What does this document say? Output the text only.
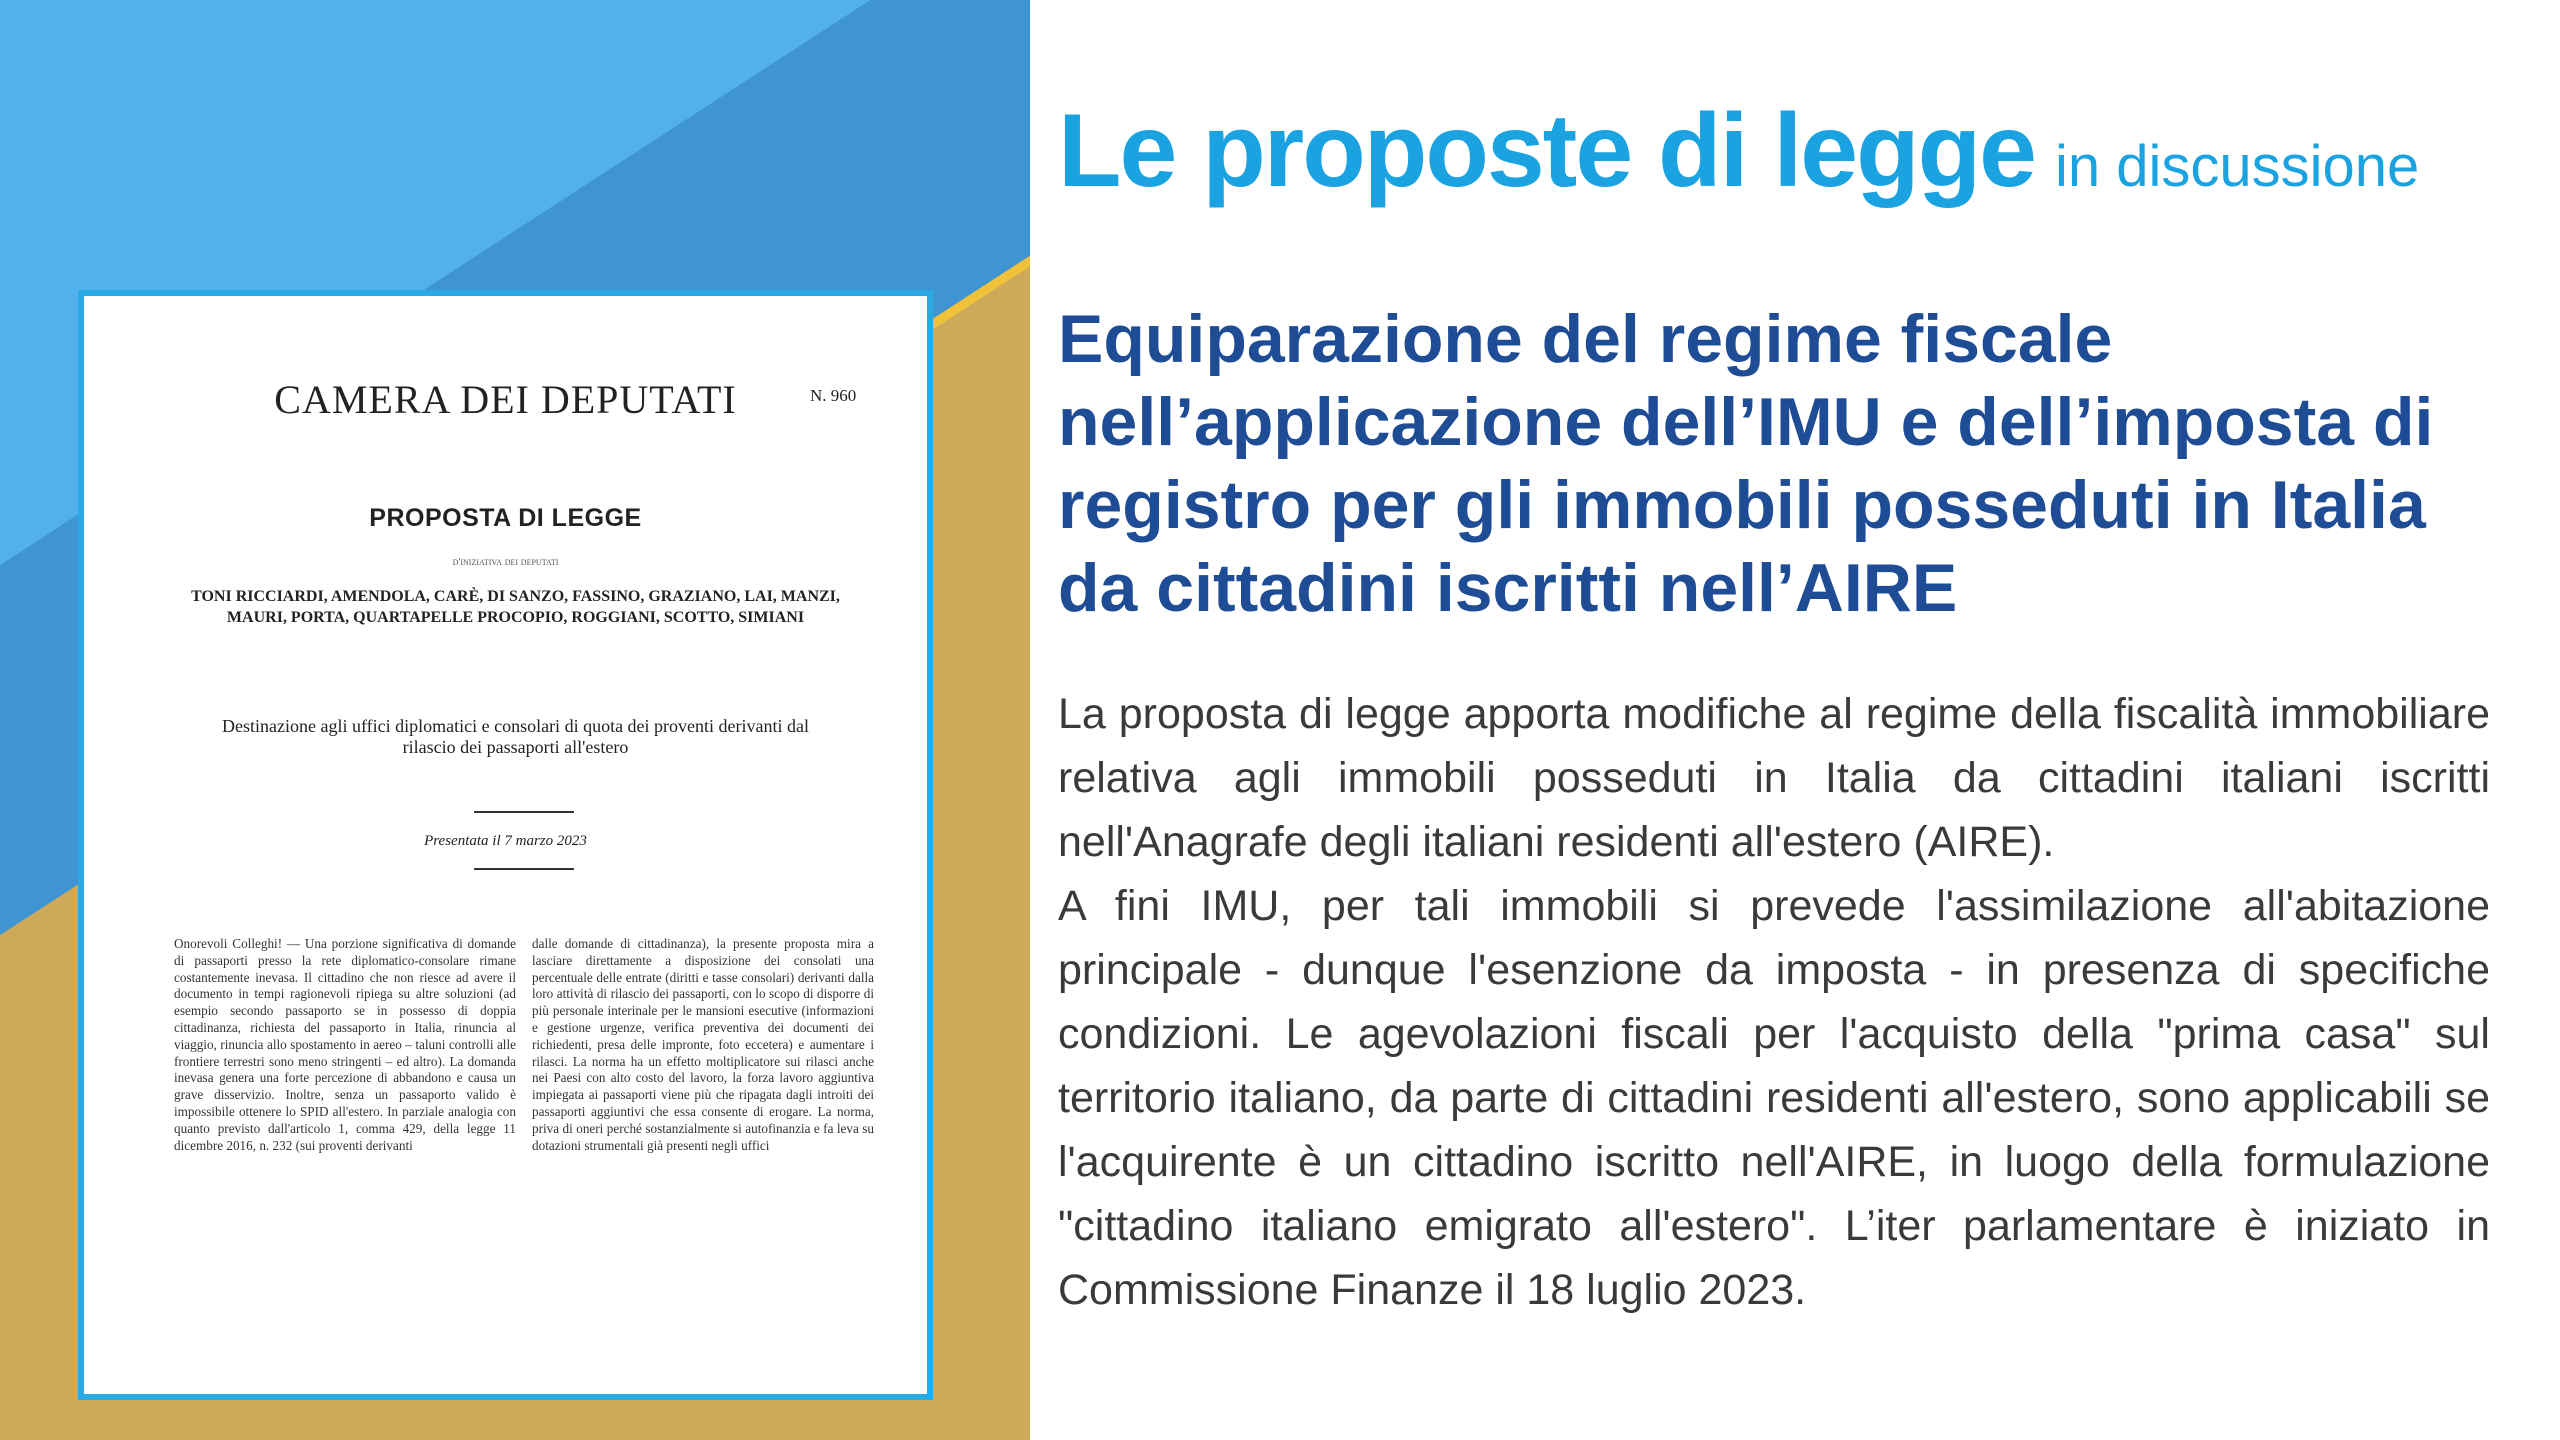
CAMERA DEI DEPUTATI	N. 960
PROPOSTA DI LEGGE
d'iniziativa dei deputati
TONI RICCIARDI, AMENDOLA, CARÈ, DI SANZO, FASSINO, GRAZIANO, LAI, MANZI, MAURI, PORTA, QUARTAPELLE PROCOPIO, ROGGIANI, SCOTTO, SIMIANI
Destinazione agli uffici diplomatici e consolari di quota dei proventi derivanti dal rilascio dei passaporti all'estero
Presentata il 7 marzo 2023
Onorevoli Colleghi! — Una porzione significativa di domande di passaporti presso la rete diplomatico-consolare rimane costantemente inevasa. Il cittadino che non riesce ad avere il documento in tempi ragionevoli ripiega su altre soluzioni (ad esempio secondo passaporto se in possesso di doppia cittadinanza, richiesta del passaporto in Italia, rinuncia al viaggio, rinuncia allo spostamento in aereo – taluni controlli alle frontiere terrestri sono meno stringenti – ed altro). La domanda inevasa genera una forte percezione di abbandono e causa un grave disservizio. Inoltre, senza un passaporto valido è impossibile ottenere lo SPID all'estero. In parziale analogia con quanto previsto dall'articolo 1, comma 429, della legge 11 dicembre 2016, n. 232 (sui proventi derivanti
dalle domande di cittadinanza), la presente proposta mira a lasciare direttamente a disposizione dei consolati una percentuale delle entrate (diritti e tasse consolari) derivanti dalla loro attività di rilascio dei passaporti, con lo scopo di disporre di più personale interinale per le mansioni esecutive (informazioni e gestione urgenze, verifica preventiva dei documenti dei richiedenti, presa delle impronte, foto eccetera) e aumentare i rilasci. La norma ha un effetto moltiplicatore sui rilasci anche nei Paesi con alto costo del lavoro, la forza lavoro aggiuntiva impiegata ai passaporti viene più che ripagata dagli introiti dei passaporti aggiuntivi che essa consente di erogare. La norma, priva di oneri perché sostanzialmente si autofinanzia e fa leva su dotazioni strumentali già presenti negli uffici
Le proposte di legge in discussione
Equiparazione del regime fiscale nell’applicazione dell’IMU e dell’imposta di registro per gli immobili posseduti in Italia da cittadini iscritti nell’AIRE

La proposta di legge apporta modifiche al regime della fiscalità immobiliare relativa agli immobili posseduti in Italia da cittadini italiani iscritti nell'Anagrafe degli italiani residenti all'estero (AIRE).

A fini IMU, per tali immobili si prevede l'assimilazione all'abitazione principale - dunque l'esenzione da imposta - in presenza di specifiche condizioni. Le agevolazioni fiscali per l'acquisto della "prima casa" sul territorio italiano, da parte di cittadini residenti all'estero, sono applicabili se l'acquirente è un cittadino iscritto nell'AIRE, in luogo della formulazione "cittadino italiano emigrato all'estero". L’iter parlamentare è iniziato in Commissione Finanze il 18 luglio 2023.
